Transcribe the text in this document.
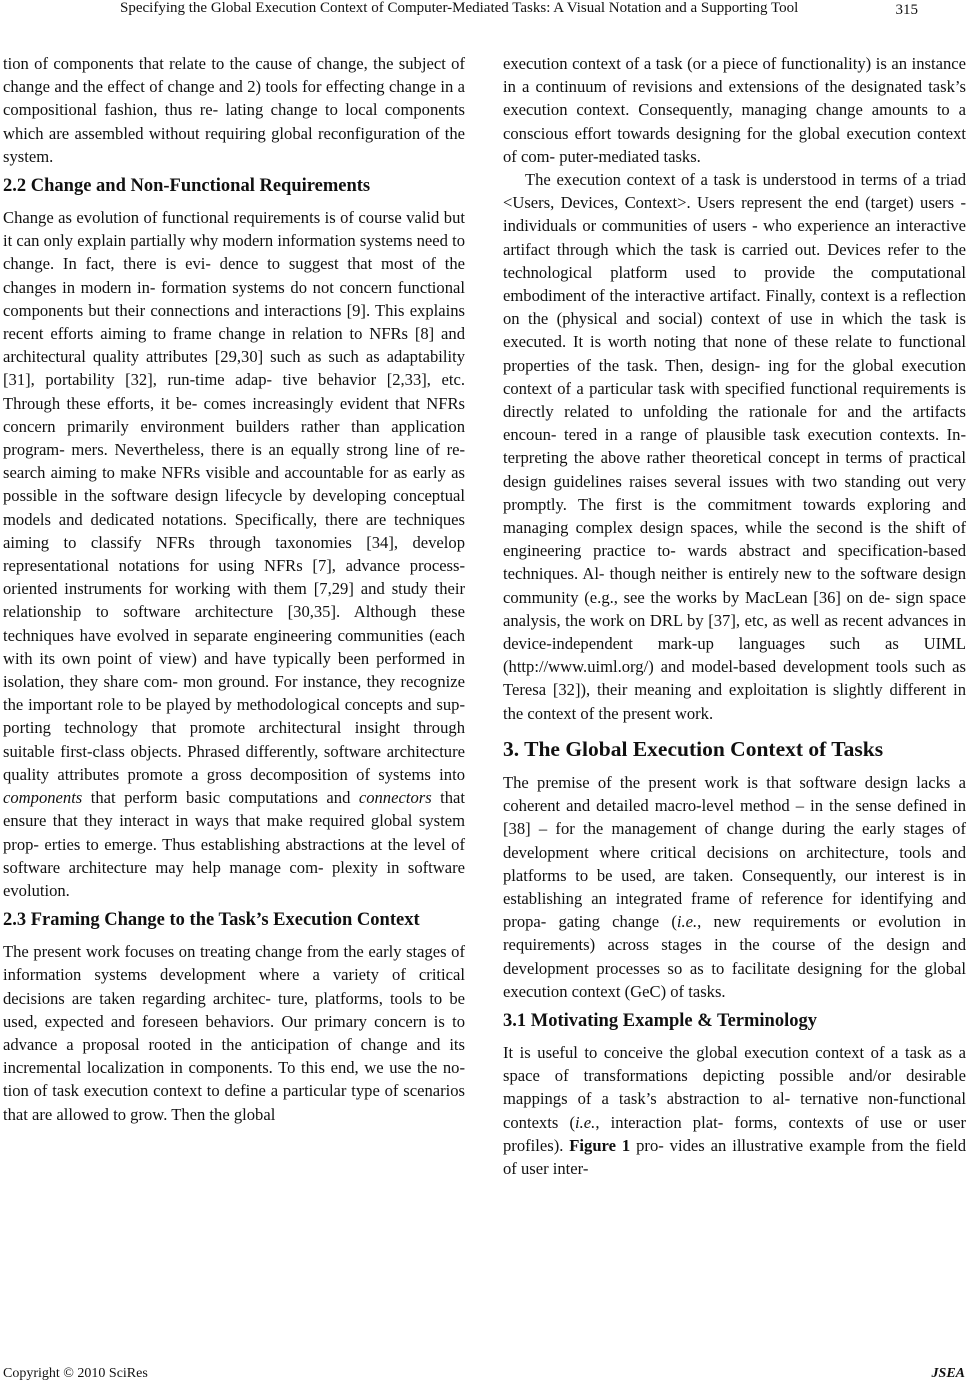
Specifying the Global Execution Context of Computer-Mediated Tasks: A Visual Notation and a Supporting Tool	315

tion of components that relate to the cause of change, the subject of change and the effect of change and 2) tools for effecting change in a compositional fashion, thus re- lating change to local components which are assembled without requiring global reconfiguration of the system.

2.2 Change and Non-Functional Requirements

Change as evolution of functional requirements is of course valid but it can only explain partially why modern information systems need to change. In fact, there is evi- dence to suggest that most of the changes in modern in- formation systems do not concern functional components but their connections and interactions [9]. This explains recent efforts aiming to frame change in relation to NFRs [8] and architectural quality attributes [29,30] such as such as adaptability [31], portability [32], run-time adap- tive behavior [2,33], etc. Through these efforts, it be- comes increasingly evident that NFRs concern primarily environment builders rather than application program- mers. Nevertheless, there is an equally strong line of re- search aiming to make NFRs visible and accountable for as early as possible in the software design lifecycle by developing conceptual models and dedicated notations. Specifically, there are techniques aiming to classify NFRs through taxonomies [34], develop representational notations for using NFRs [7], advance process-oriented instruments for working with them [7,29] and study their relationship to software architecture [30,35]. Although these techniques have evolved in separate engineering communities (each with its own point of view) and have typically been performed in isolation, they share com- mon ground. For instance, they recognize the important role to be played by methodological concepts and sup- porting technology that promote architectural insight through suitable first-class objects. Phrased differently, software architecture quality attributes promote a gross decomposition of systems into components that perform basic computations and connectors that ensure that they interact in ways that make required global system prop- erties to emerge. Thus establishing abstractions at the level of software architecture may help manage com- plexity in software evolution.

2.3 Framing Change to the Task’s Execution Context

The present work focuses on treating change from the early stages of information systems development where a variety of critical decisions are taken regarding architec- ture, platforms, tools to be used, expected and foreseen behaviors. Our primary concern is to advance a proposal rooted in the anticipation of change and its incremental localization in components. To this end, we use the no- tion of task execution context to define a particular type of scenarios that are allowed to grow. Then the global

execution context of a task (or a piece of functionality) is an instance in a continuum of revisions and extensions of the designated task’s execution context. Consequently, managing change amounts to a conscious effort towards designing for the global execution context of com- puter-mediated tasks.

The execution context of a task is understood in terms of a triad <Users, Devices, Context>. Users represent the end (target) users - individuals or communities of users - who experience an interactive artifact through which the task is carried out. Devices refer to the technological platform used to provide the computational embodiment of the interactive artifact. Finally, context is a reflection on the (physical and social) context of use in which the task is executed. It is worth noting that none of these relate to functional properties of the task. Then, design- ing for the global execution context of a particular task with specified functional requirements is directly related to unfolding the rationale for and the artifacts encoun- tered in a range of plausible task execution contexts. In- terpreting the above rather theoretical concept in terms of practical design guidelines raises several issues with two standing out very promptly. The first is the commitment towards exploring and managing complex design spaces, while the second is the shift of engineering practice to- wards abstract and specification-based techniques. Al- though neither is entirely new to the software design community (e.g., see the works by MacLean [36] on de- sign space analysis, the work on DRL by [37], etc, as well as recent advances in device-independent mark-up languages such as UIML (http://www.uiml.org/) and model-based development tools such as Teresa [32]), their meaning and exploitation is slightly different in the context of the present work.

3. The Global Execution Context of Tasks

The premise of the present work is that software design lacks a coherent and detailed macro-level method – in the sense defined in [38] – for the management of change during the early stages of development where critical decisions on architecture, tools and platforms to be used, are taken. Consequently, our interest is in establishing an integrated frame of reference for identifying and propa- gating change (i.e., new requirements or evolution in requirements) across stages in the course of the design and development processes so as to facilitate designing for the global execution context (GeC) of tasks.

3.1 Motivating Example & Terminology

It is useful to conceive the global execution context of a task as a space of transformations depicting possible and/or desirable mappings of a task’s abstraction to al- ternative non-functional contexts (i.e., interaction plat- forms, contexts of use or user profiles). Figure 1 pro- vides an illustrative example from the field of user inter-

Copyright © 2010 SciRes	JSEA
